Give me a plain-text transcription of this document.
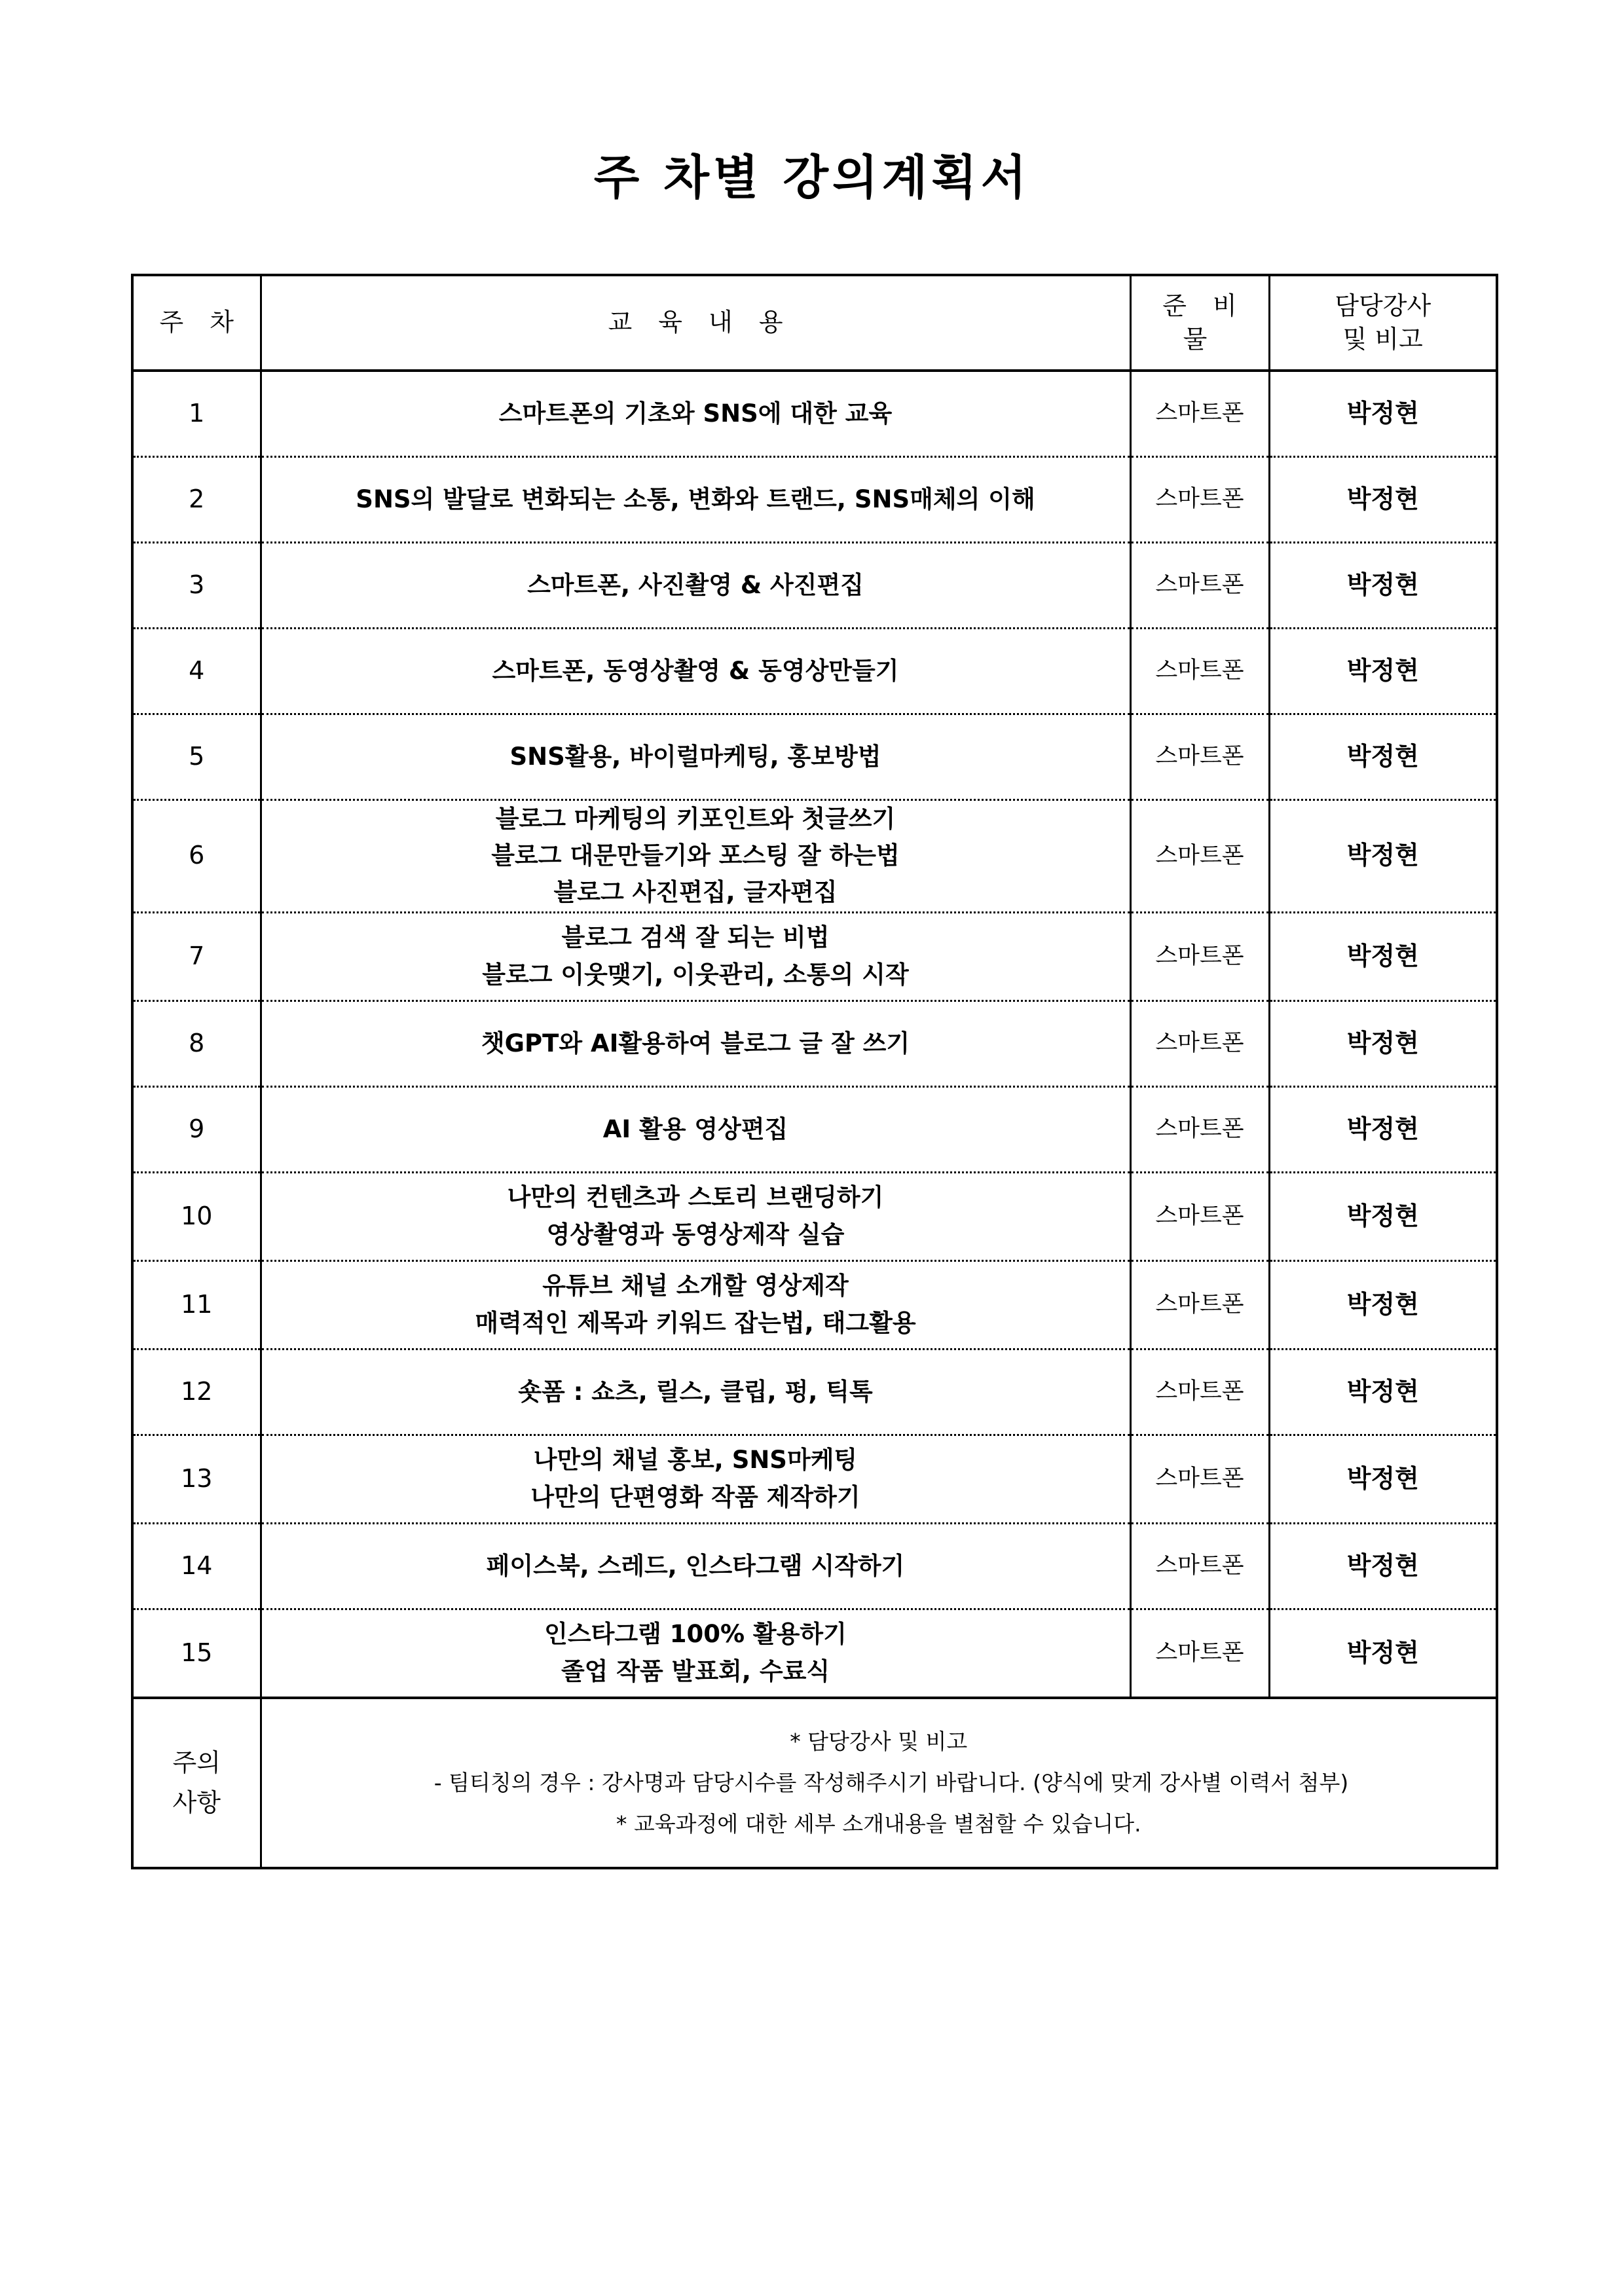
주 차별 강의계획서
주 차	교 육 내 용	준 비 물	담당강사
및 비고

1	스마트폰의 기초와 SNS에 대한 교육	스마트폰	박정현
2	SNS의 발달로 변화되는 소통, 변화와 트랜드, SNS매체의 이해	스마트폰	박정현
3	스마트폰, 사진촬영 & 사진편집	스마트폰	박정현
4	스마트폰, 동영상촬영 & 동영상만들기	스마트폰	박정현
5	SNS활용, 바이럴마케팅, 홍보방법	스마트폰	박정현
6	블로그 마케팅의 키포인트와 첫글쓰기
블로그 대문만들기와 포스팅 잘 하는법
블로그 사진편집, 글자편집	스마트폰	박정현
7	블로그 검색 잘 되는 비법
블로그 이웃맺기, 이웃관리, 소통의 시작	스마트폰	박정현
8	챗GPT와 AI활용하여 블로그 글 잘 쓰기	스마트폰	박정현
9	AI 활용 영상편집	스마트폰	박정현
10	나만의 컨텐츠과 스토리 브랜딩하기
영상촬영과 동영상제작 실습	스마트폰	박정현
11	유튜브 채널 소개할 영상제작
매력적인 제목과 키워드 잡는법, 태그활용	스마트폰	박정현
12	숏폼 : 쇼츠, 릴스, 클립, 펑, 틱톡	스마트폰	박정현
13	나만의 채널 홍보, SNS마케팅
나만의 단편영화 작품 제작하기	스마트폰	박정현
14	페이스북, 스레드, 인스타그램 시작하기	스마트폰	박정현
15	인스타그램 100% 활용하기
졸업 작품 발표회, 수료식	스마트폰	박정현

주의
사항

* 담당강사 및 비고
- 팀티칭의 경우 : 강사명과 담당시수를 작성해주시기 바랍니다. (양식에 맞게 강사별 이력서 첨부)
* 교육과정에 대한 세부 소개내용을 별첨할 수 있습니다.
